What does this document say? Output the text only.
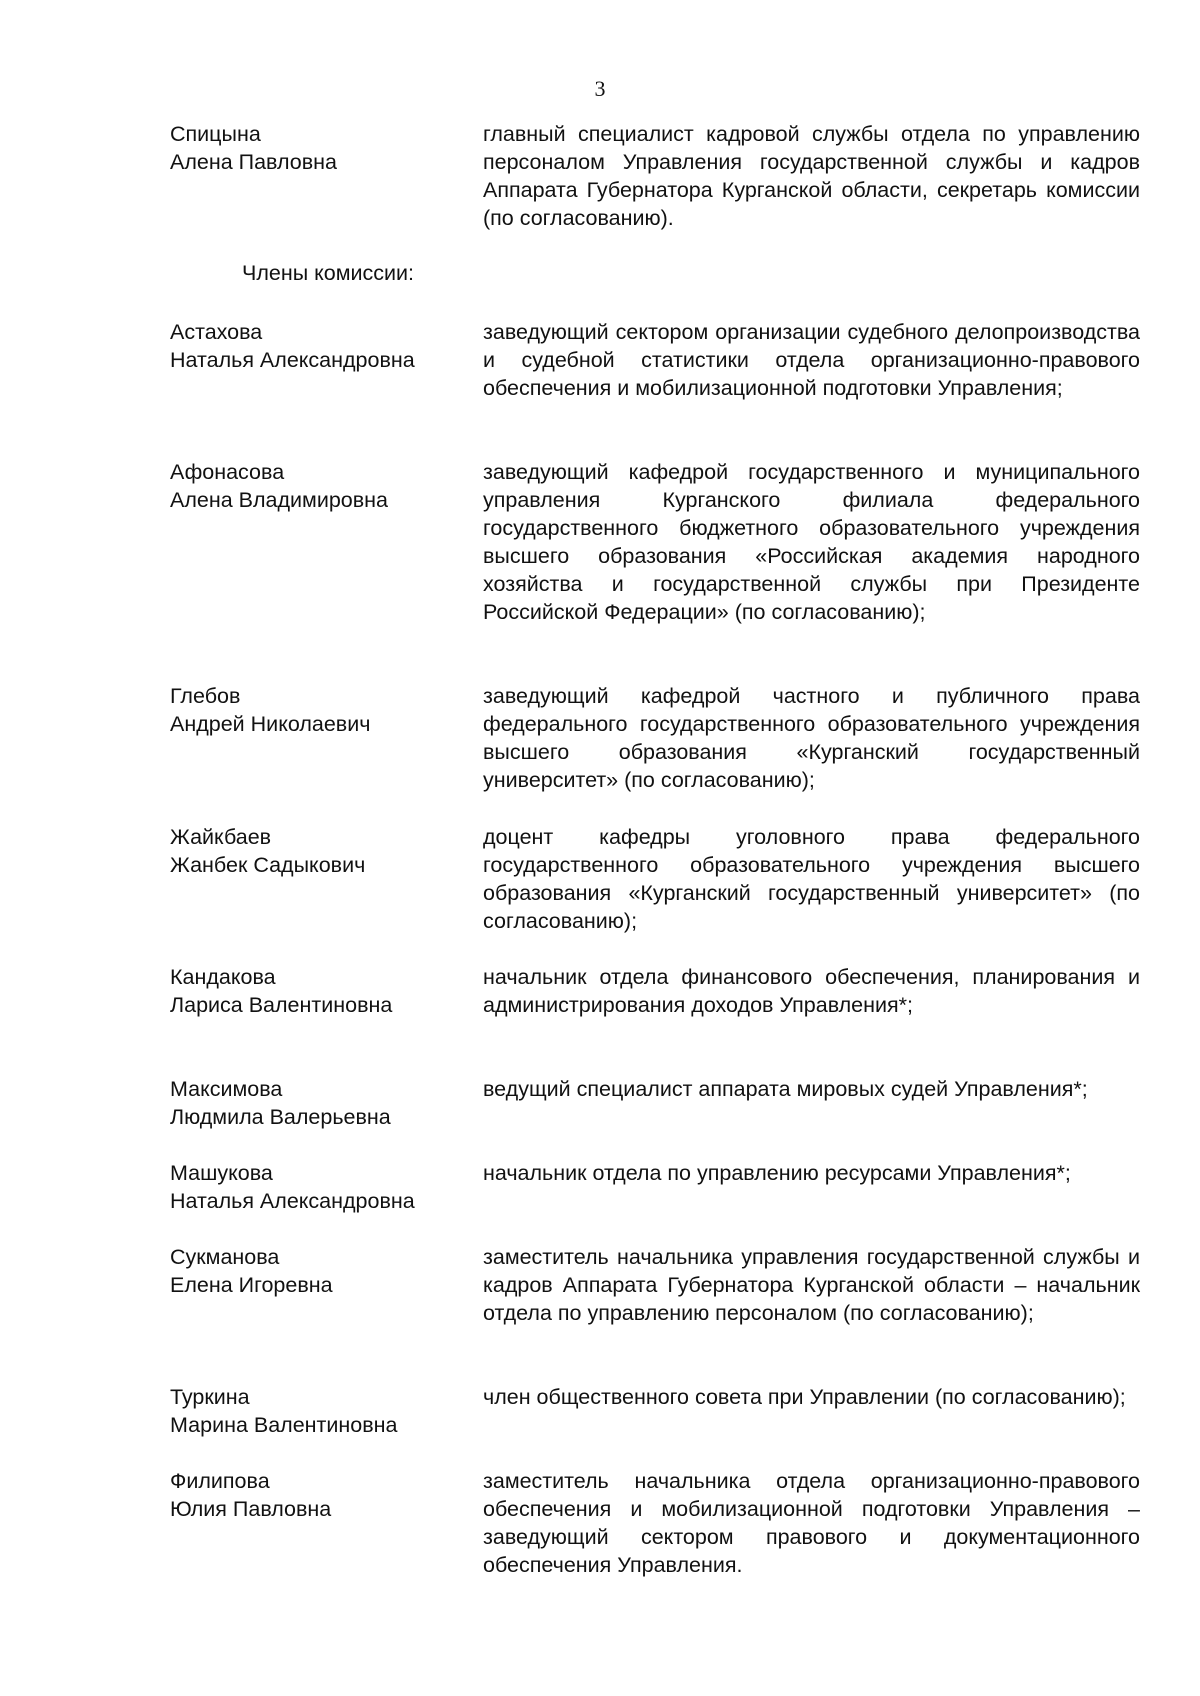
3
Спицына
Алена Павловна
главный специалист кадровой службы отдела по управлению персоналом Управления государственной службы и кадров Аппарата Губернатора Курганской области, секретарь комиссии (по согласованию).
Члены комиссии:
Астахова
Наталья Александровна
заведующий сектором организации судебного делопроизводства и судебной статистики отдела организационно-правового обеспечения и мобилизационной подготовки Управления;
Афонасова
Алена Владимировна
заведующий кафедрой государственного и муниципального управления Курганского филиала федерального государственного бюджетного образовательного учреждения высшего образования «Российская академия народного хозяйства и государственной службы при Президенте Российской Федерации» (по согласованию);
Глебов
Андрей Николаевич
заведующий кафедрой частного и публичного права федерального государственного образовательного учреждения высшего образования «Курганский государственный университет» (по согласованию);
Жайкбаев
Жанбек Садыкович
доцент кафедры уголовного права федерального государственного образовательного учреждения высшего образования «Курганский государственный университет» (по согласованию);
Кандакова
Лариса Валентиновна
начальник отдела финансового обеспечения, планирования и администрирования доходов Управления*;
Максимова
Людмила Валерьевна
ведущий специалист аппарата мировых судей Управления*;
Машукова
Наталья Александровна
начальник отдела по управлению ресурсами Управления*;
Сукманова
Елена Игоревна
заместитель начальника управления государственной службы и кадров Аппарата Губернатора Курганской области – начальник отдела по управлению персоналом (по согласованию);
Туркина
Марина Валентиновна
член общественного совета при Управлении (по согласованию);
Филипова
Юлия Павловна
заместитель начальника отдела организационно-правового обеспечения и мобилизационной подготовки Управления – заведующий сектором правового и документационного обеспечения Управления.
